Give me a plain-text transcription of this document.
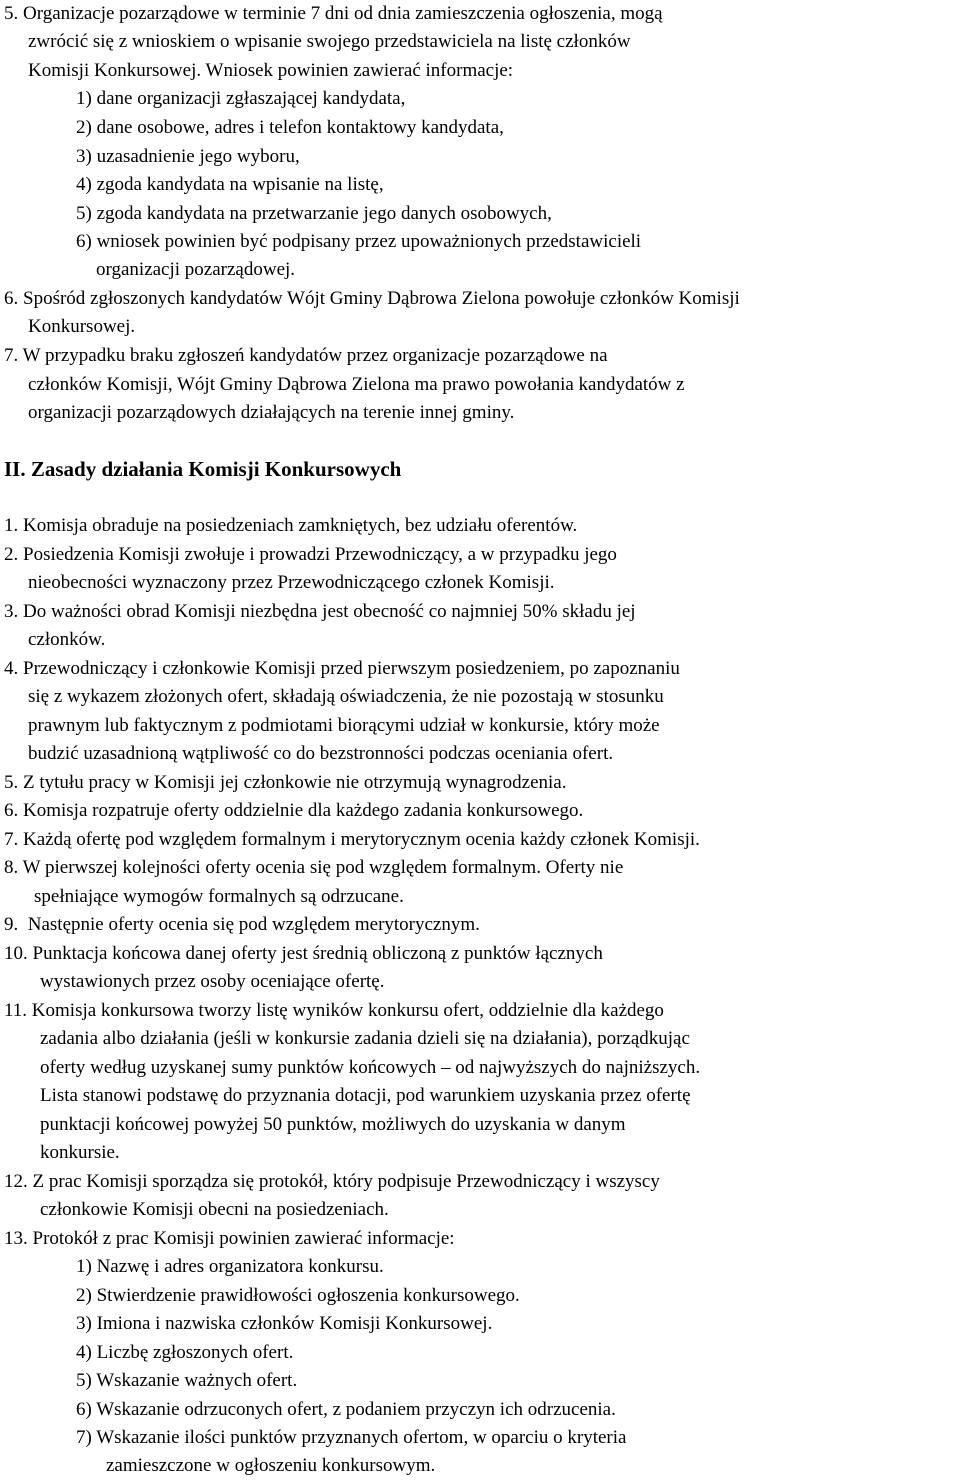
5. Organizacje pozarządowe w terminie 7 dni od dnia zamieszczenia ogłoszenia, mogą
zwrócić się z wnioskiem o wpisanie swojego przedstawiciela na listę członków
Komisji Konkursowej. Wniosek powinien zawierać informacje:
1) dane organizacji zgłaszającej kandydata,
2) dane osobowe, adres i telefon kontaktowy kandydata,
3) uzasadnienie jego wyboru,
4) zgoda kandydata na wpisanie na listę,
5) zgoda kandydata na przetwarzanie jego danych osobowych,
6) wniosek powinien być podpisany przez upoważnionych przedstawicieli
organizacji pozarządowej.
6. Spośród zgłoszonych kandydatów Wójt Gminy Dąbrowa Zielona powołuje członków Komisji
Konkursowej.
7. W przypadku braku zgłoszeń kandydatów przez organizacje pozarządowe na
członków Komisji, Wójt Gminy Dąbrowa Zielona ma prawo powołania kandydatów z
organizacji pozarządowych działających na terenie innej gminy.
II. Zasady działania Komisji Konkursowych
1. Komisja obraduje na posiedzeniach zamkniętych, bez udziału oferentów.
2. Posiedzenia Komisji zwołuje i prowadzi Przewodniczący, a w przypadku jego
nieobecności wyznaczony przez Przewodniczącego członek Komisji.
3. Do ważności obrad Komisji niezbędna jest obecność co najmniej 50% składu jej
członków.
4. Przewodniczący i członkowie Komisji przed pierwszym posiedzeniem, po zapoznaniu
się z wykazem złożonych ofert, składają oświadczenia, że nie pozostają w stosunku
prawnym lub faktycznym z podmiotami biorącymi udział w konkursie, który może
budzić uzasadnioną wątpliwość co do bezstronności podczas oceniania ofert.
5. Z tytułu pracy w Komisji jej członkowie nie otrzymują wynagrodzenia.
6. Komisja rozpatruje oferty oddzielnie dla każdego zadania konkursowego.
7. Każdą ofertę pod względem formalnym i merytorycznym ocenia każdy członek Komisji.
8. W pierwszej kolejności oferty ocenia się pod względem formalnym. Oferty nie
spełniające wymogów formalnych są odrzucane.
9. Następnie oferty ocenia się pod względem merytorycznym.
10. Punktacja końcowa danej oferty jest średnią obliczoną z punktów łącznych
wystawionych przez osoby oceniające ofertę.
11. Komisja konkursowa tworzy listę wyników konkursu ofert, oddzielnie dla każdego
zadania albo działania (jeśli w konkursie zadania dzieli się na działania), porządkując
oferty według uzyskanej sumy punktów końcowych – od najwyższych do najniższych.
Lista stanowi podstawę do przyznania dotacji, pod warunkiem uzyskania przez ofertę
punktacji końcowej powyżej 50 punktów, możliwych do uzyskania w danym
konkursie.
12. Z prac Komisji sporządza się protokół, który podpisuje Przewodniczący i wszyscy
członkowie Komisji obecni na posiedzeniach.
13. Protokół z prac Komisji powinien zawierać informacje:
1) Nazwę i adres organizatora konkursu.
2) Stwierdzenie prawidłowości ogłoszenia konkursowego.
3) Imiona i nazwiska członków Komisji Konkursowej.
4) Liczbę zgłoszonych ofert.
5) Wskazanie ważnych ofert.
6) Wskazanie odrzuconych ofert, z podaniem przyczyn ich odrzucenia.
7) Wskazanie ilości punktów przyznanych ofertom, w oparciu o kryteria
zamieszczone w ogłoszeniu konkursowym.
